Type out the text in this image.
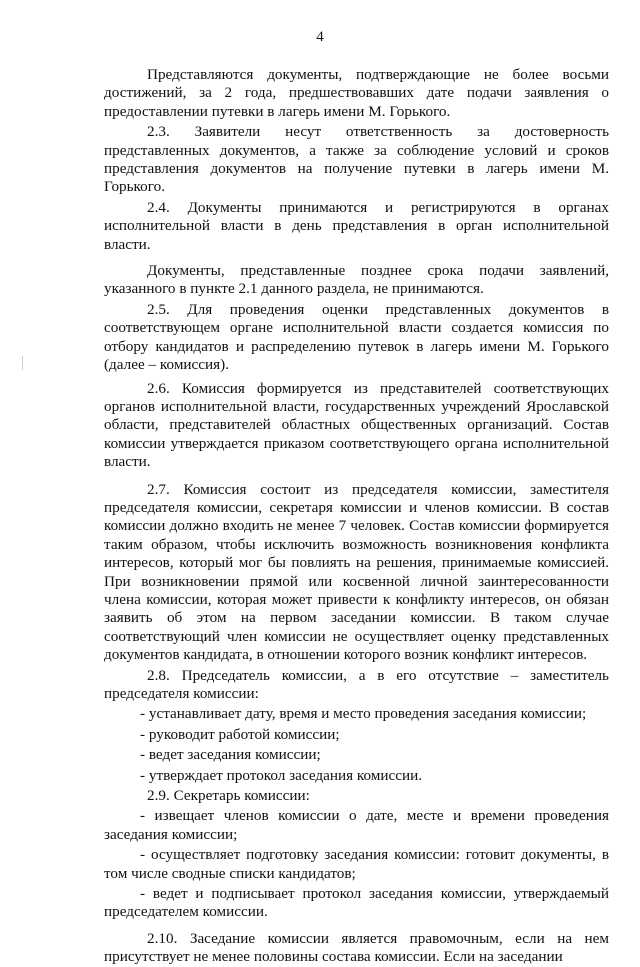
4

Представляются документы, подтверждающие не более восьми достижений, за 2 года, предшествовавших дате подачи заявления о предоставлении путевки в лагерь имени М. Горького.

2.3. Заявители несут ответственность за достоверность представленных документов, а также за соблюдение условий и сроков представления документов на получение путевки в лагерь имени М. Горького.

2.4. Документы принимаются и регистрируются в органах исполнительной власти в день представления в орган исполнительной власти.

Документы, представленные позднее срока подачи заявлений, указанного в пункте 2.1 данного раздела, не принимаются.

2.5. Для проведения оценки представленных документов в соответствующем органе исполнительной власти создается комиссия по отбору кандидатов и распределению путевок в лагерь имени М. Горького (далее – комиссия).

2.6. Комиссия формируется из представителей соответствующих органов исполнительной власти, государственных учреждений Ярославской области, представителей областных общественных организаций. Состав комиссии утверждается приказом соответствующего органа исполнительной власти.

2.7. Комиссия состоит из председателя комиссии, заместителя председателя комиссии, секретаря комиссии и членов комиссии. В состав комиссии должно входить не менее 7 человек. Состав комиссии формируется таким образом, чтобы исключить возможность возникновения конфликта интересов, который мог бы повлиять на решения, принимаемые комиссией. При возникновении прямой или косвенной личной заинтересованности члена комиссии, которая может привести к конфликту интересов, он обязан заявить об этом на первом заседании комиссии. В таком случае соответствующий член комиссии не осуществляет оценку представленных документов кандидата, в отношении которого возник конфликт интересов.

2.8. Председатель комиссии, а в его отсутствие – заместитель председателя комиссии:

- устанавливает дату, время и место проведения заседания комиссии;

- руководит работой комиссии;

- ведет заседания комиссии;

- утверждает протокол заседания комиссии.

2.9. Секретарь комиссии:

- извещает членов комиссии о дате, месте и времени проведения заседания комиссии;

- осуществляет подготовку заседания комиссии: готовит документы, в том числе сводные списки кандидатов;

- ведет и подписывает протокол заседания комиссии, утверждаемый председателем комиссии.

2.10. Заседание комиссии является правомочным, если на нем присутствует не менее половины состава комиссии. Если на заседании
